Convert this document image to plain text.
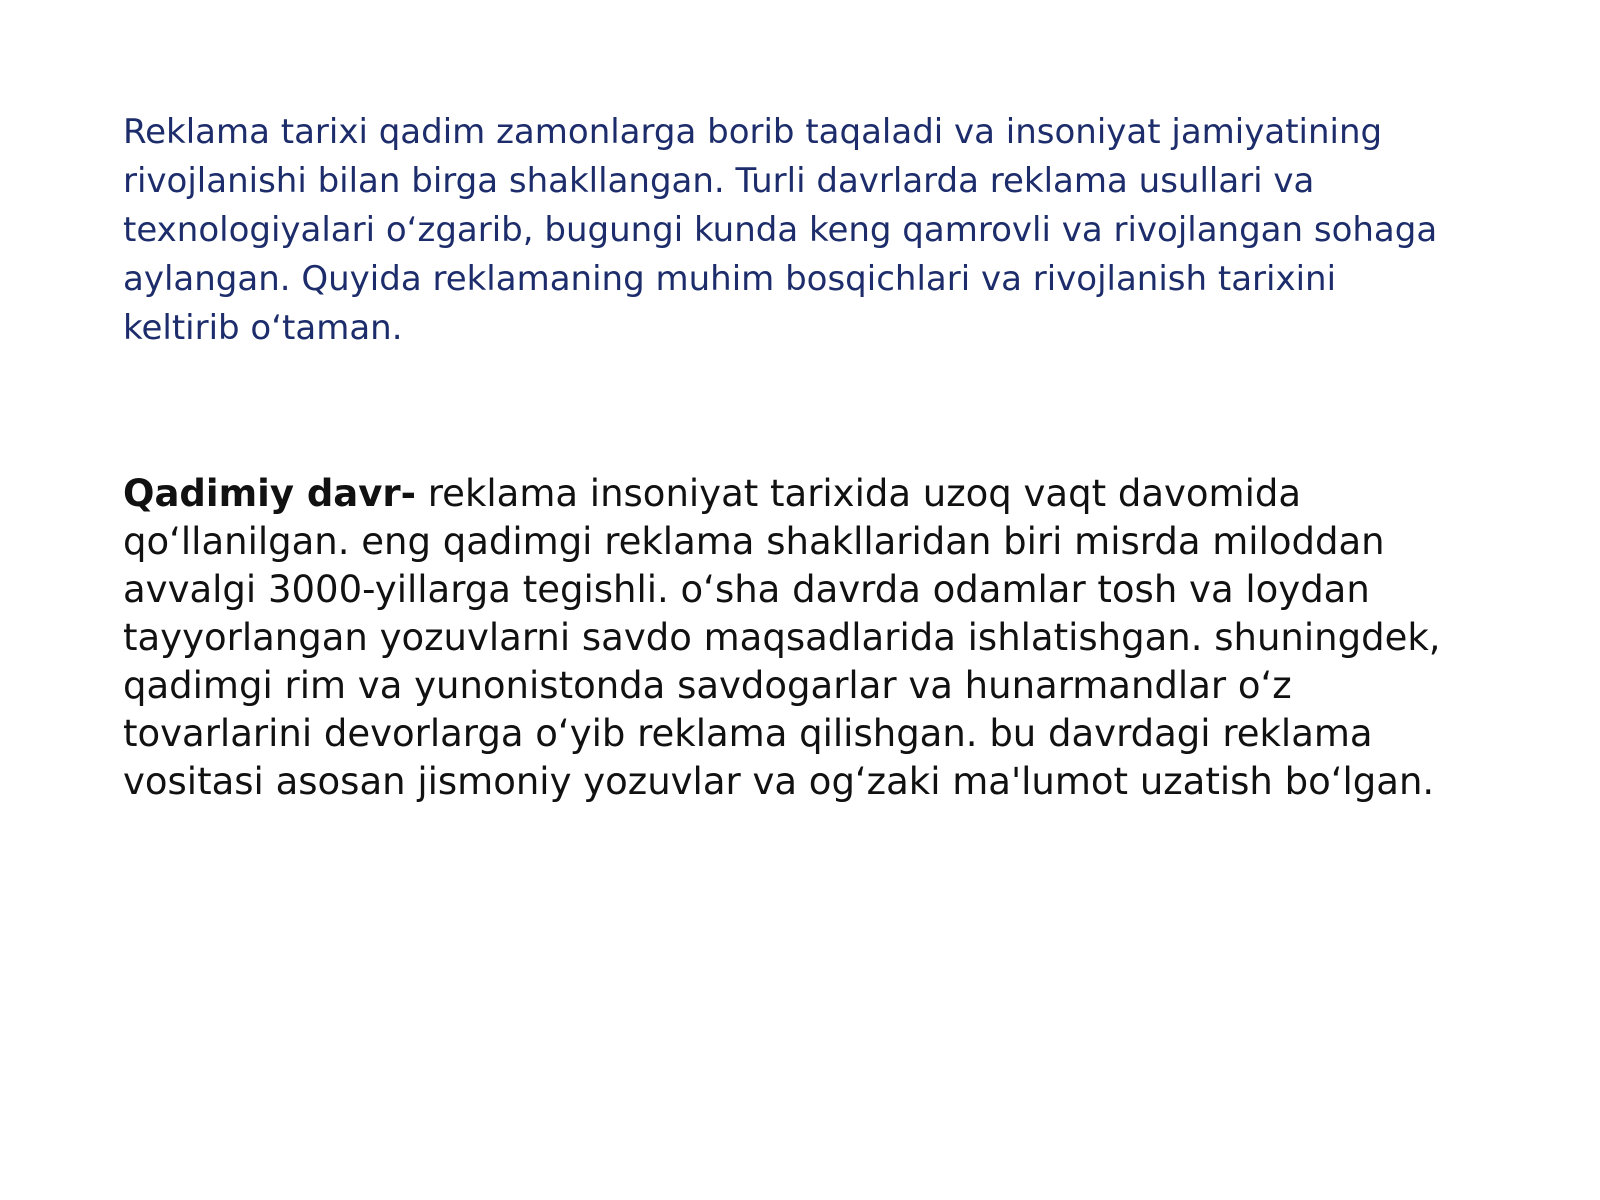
Reklama tarixi qadim zamonlarga borib taqaladi va insoniyat jamiyatining rivojlanishi bilan birga shakllangan. Turli davrlarda reklama usullari va texnologiyalari o‘zgarib, bugungi kunda keng qamrovli va rivojlangan sohaga aylangan. Quyida reklamaning muhim bosqichlari va rivojlanish tarixini keltirib o‘taman.

Qadimiy davr- reklama insoniyat tarixida uzoq vaqt davomida qo‘llanilgan. eng qadimgi reklama shakllaridan biri misrda miloddan avvalgi 3000-yillarga tegishli. o‘sha davrda odamlar tosh va loydan tayyorlangan yozuvlarni savdo maqsadlarida ishlatishgan. shuningdek, qadimgi rim va yunonistonda savdogarlar va hunarmandlar o‘z tovarlarini devorlarga o‘yib reklama qilishgan. bu davrdagi reklama vositasi asosan jismoniy yozuvlar va og‘zaki ma'lumot uzatish bo‘lgan.
